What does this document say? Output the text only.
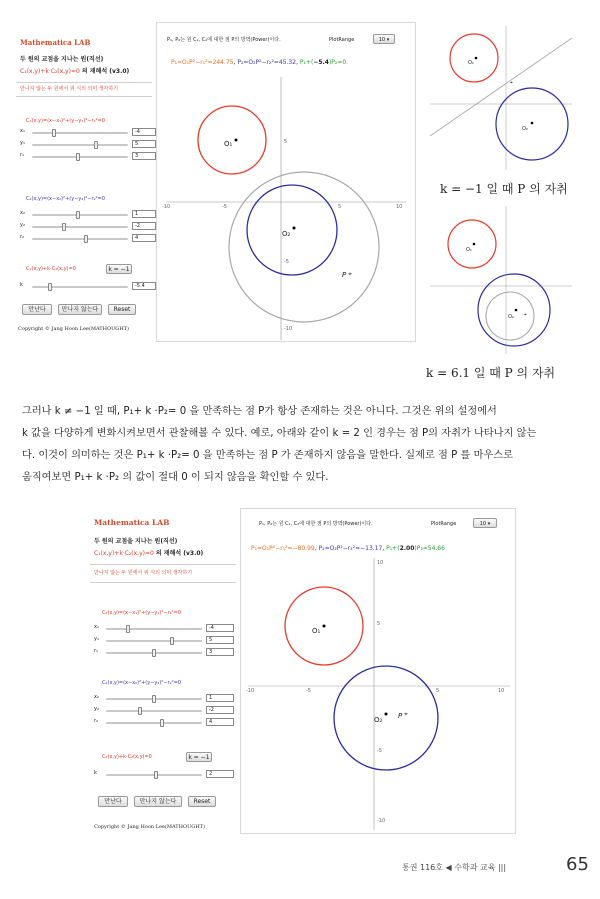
Mathematica LAB
두 원의 교점을 지나는 원(직선)
C₁(x,y)+k·C₂(x,y)=0 의 재해석 (v3.0)
만나지 않는 두 원에서 위 식의 의미 생각하기
C₁(x,y)=(x−x₁)²+(y−y₁)²−r₁²=0
x₁	-4
y₁	5
r₁	3
C₂(x,y)=(x−x₂)²+(y−y₂)²−r₂²=0
x₂	1
y₂	-2
r₂	4
C₁(x,y)+k·C₂(x,y)=0	k = −1
k	-5.4
만난다	만나지 않는다	Reset
Copyright © Jang Hoon Lee(MATHOUGHT)
P₁, P₂는 원 C₁, C₂에 대한 점 P의 방멱(Power)이다.	PlotRange	10 ▾
P₁=O₁P²−r₁²=244.75, P₂=O₂P²−r₂²=45.32, P₁+(−5.4)P₂=0.
-10	-5	5	10
5
-5
-10
O₁
O₂
P ⌖
O₁
O₂
⌖
k = −1 일 때 P 의 자취
O₁
O₂ ⌖
k = 6.1 일 때 P 의 자취
그러나 k ≠ −1 일 때, P₁+ k ·P₂= 0 을 만족하는 점 P가 항상 존재하는 것은 아니다. 그것은 위의 설정에서
k 값을 다양하게 변화시켜보면서 관찰해볼 수 있다. 예로, 아래와 같이 k = 2 인 경우는 점 P의 자취가 나타나지 않는
다. 이것이 의미하는 것은 P₁+ k ·P₂= 0 을 만족하는 점 P 가 존재하지 않음을 말한다. 실제로 점 P 를 마우스로
움직여보면 P₁+ k ·P₂ 의 값이 절대 0 이 되지 않음을 확인할 수 있다.
Mathematica LAB
두 원의 교점을 지나는 원(직선)
C₁(x,y)+k·C₂(x,y)=0 의 재해석 (v3.0)
만나지 않는 두 원에서 위 식의 의미 생각하기
C₁(x,y)=(x−x₁)²+(y−y₁)²−r₁²=0
x₁	-4
y₁	5
r₁	3
C₂(x,y)=(x−x₂)²+(y−y₂)²−r₂²=0
x₂	1
y₂	-2
r₂	4
C₁(x,y)+k·C₂(x,y)=0	k = −1
k	2
만난다	만나지 않는다	Reset
Copyright © Jang Hoon Lee(MATHOUGHT)
P₁, P₂는 원 C₁, C₂에 대한 점 P의 방멱(Power)이다.	PlotRange	10 ▾
P₁=O₁P²−r₁²=−80.99, P₂=O₂P²−r₂²=−13.17, P₁+(2.00)P₂=54.66
-10	-5	5	10
10
5
-5
-10
O₁
O₂ P ⌖
통권 116호 ◀ 수학과 교육 |||	65
